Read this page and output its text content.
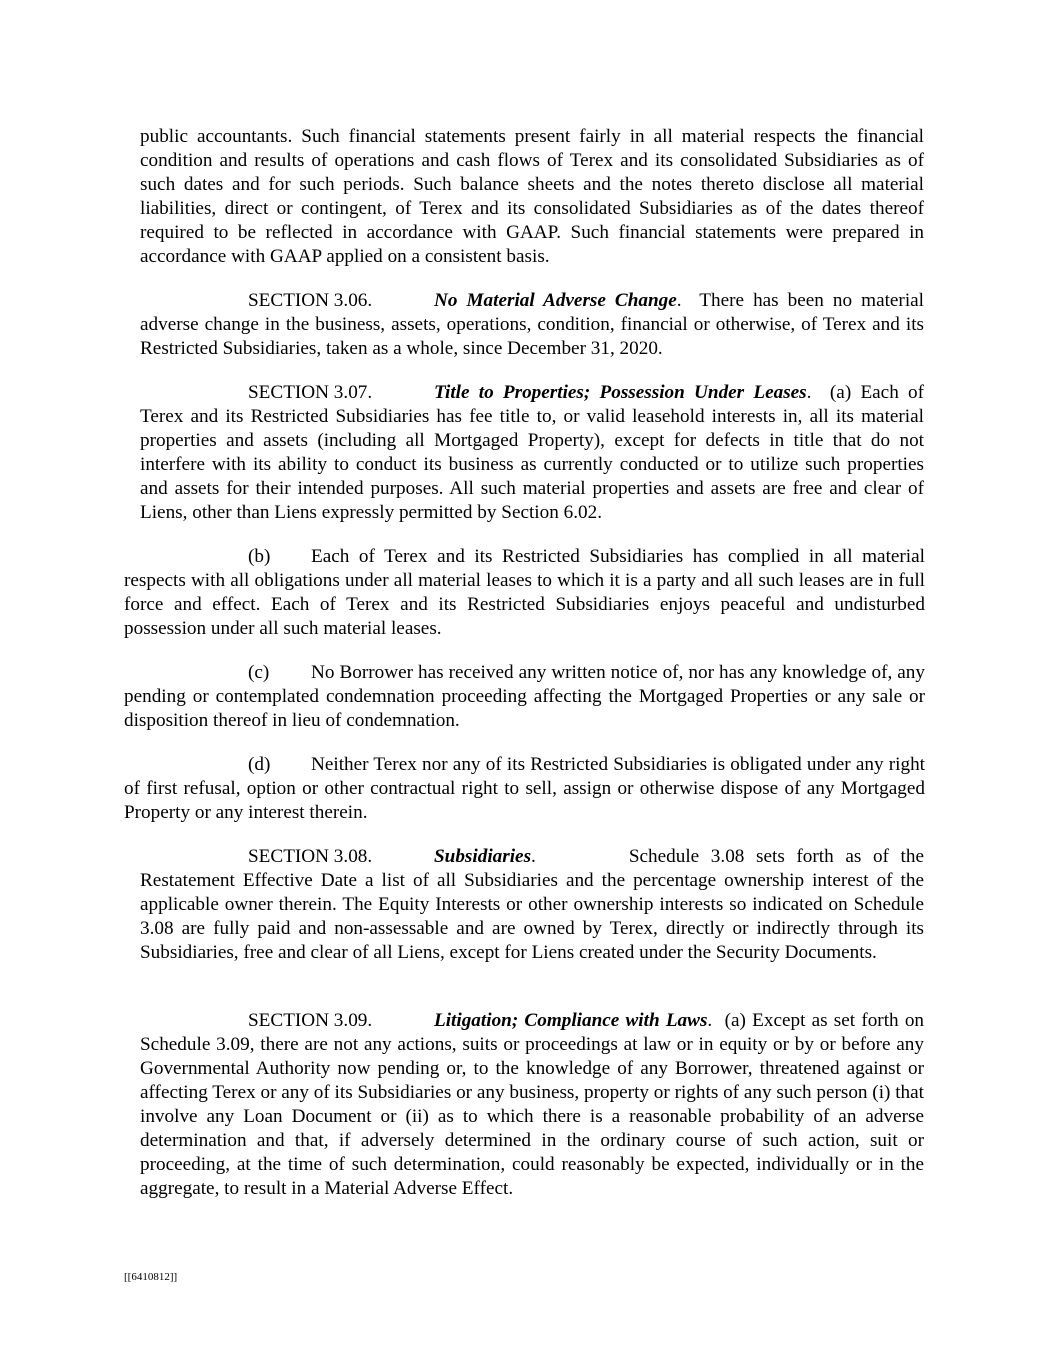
public accountants. Such financial statements present fairly in all material respects the financial condition and results of operations and cash flows of Terex and its consolidated Subsidiaries as of such dates and for such periods. Such balance sheets and the notes thereto disclose all material liabilities, direct or contingent, of Terex and its consolidated Subsidiaries as of the dates thereof required to be reflected in accordance with GAAP. Such financial statements were prepared in accordance with GAAP applied on a consistent basis.

SECTION 3.06.	No Material Adverse Change. There has been no material adverse change in the business, assets, operations, condition, financial or otherwise, of Terex and its Restricted Subsidiaries, taken as a whole, since December 31, 2020.

SECTION 3.07.	Title to Properties; Possession Under Leases. (a) Each of Terex and its Restricted Subsidiaries has fee title to, or valid leasehold interests in, all its material properties and assets (including all Mortgaged Property), except for defects in title that do not interfere with its ability to conduct its business as currently conducted or to utilize such properties and assets for their intended purposes. All such material properties and assets are free and clear of Liens, other than Liens expressly permitted by Section 6.02.

(b) Each of Terex and its Restricted Subsidiaries has complied in all material respects with all obligations under all material leases to which it is a party and all such leases are in full force and effect. Each of Terex and its Restricted Subsidiaries enjoys peaceful and undisturbed possession under all such material leases.

(c) No Borrower has received any written notice of, nor has any knowledge of, any pending or contemplated condemnation proceeding affecting the Mortgaged Properties or any sale or disposition thereof in lieu of condemnation.

(d) Neither Terex nor any of its Restricted Subsidiaries is obligated under any right of first refusal, option or other contractual right to sell, assign or otherwise dispose of any Mortgaged Property or any interest therein.

SECTION 3.08.	Subsidiaries.	Schedule 3.08 sets forth as of the Restatement Effective Date a list of all Subsidiaries and the percentage ownership interest of the applicable owner therein. The Equity Interests or other ownership interests so indicated on Schedule 3.08 are fully paid and non-assessable and are owned by Terex, directly or indirectly through its Subsidiaries, free and clear of all Liens, except for Liens created under the Security Documents.

SECTION 3.09.	Litigation; Compliance with Laws. (a) Except as set forth on Schedule 3.09, there are not any actions, suits or proceedings at law or in equity or by or before any Governmental Authority now pending or, to the knowledge of any Borrower, threatened against or affecting Terex or any of its Subsidiaries or any business, property or rights of any such person (i) that involve any Loan Document or (ii) as to which there is a reasonable probability of an adverse determination and that, if adversely determined in the ordinary course of such action, suit or proceeding, at the time of such determination, could reasonably be expected, individually or in the aggregate, to result in a Material Adverse Effect.

[[6410812]]
